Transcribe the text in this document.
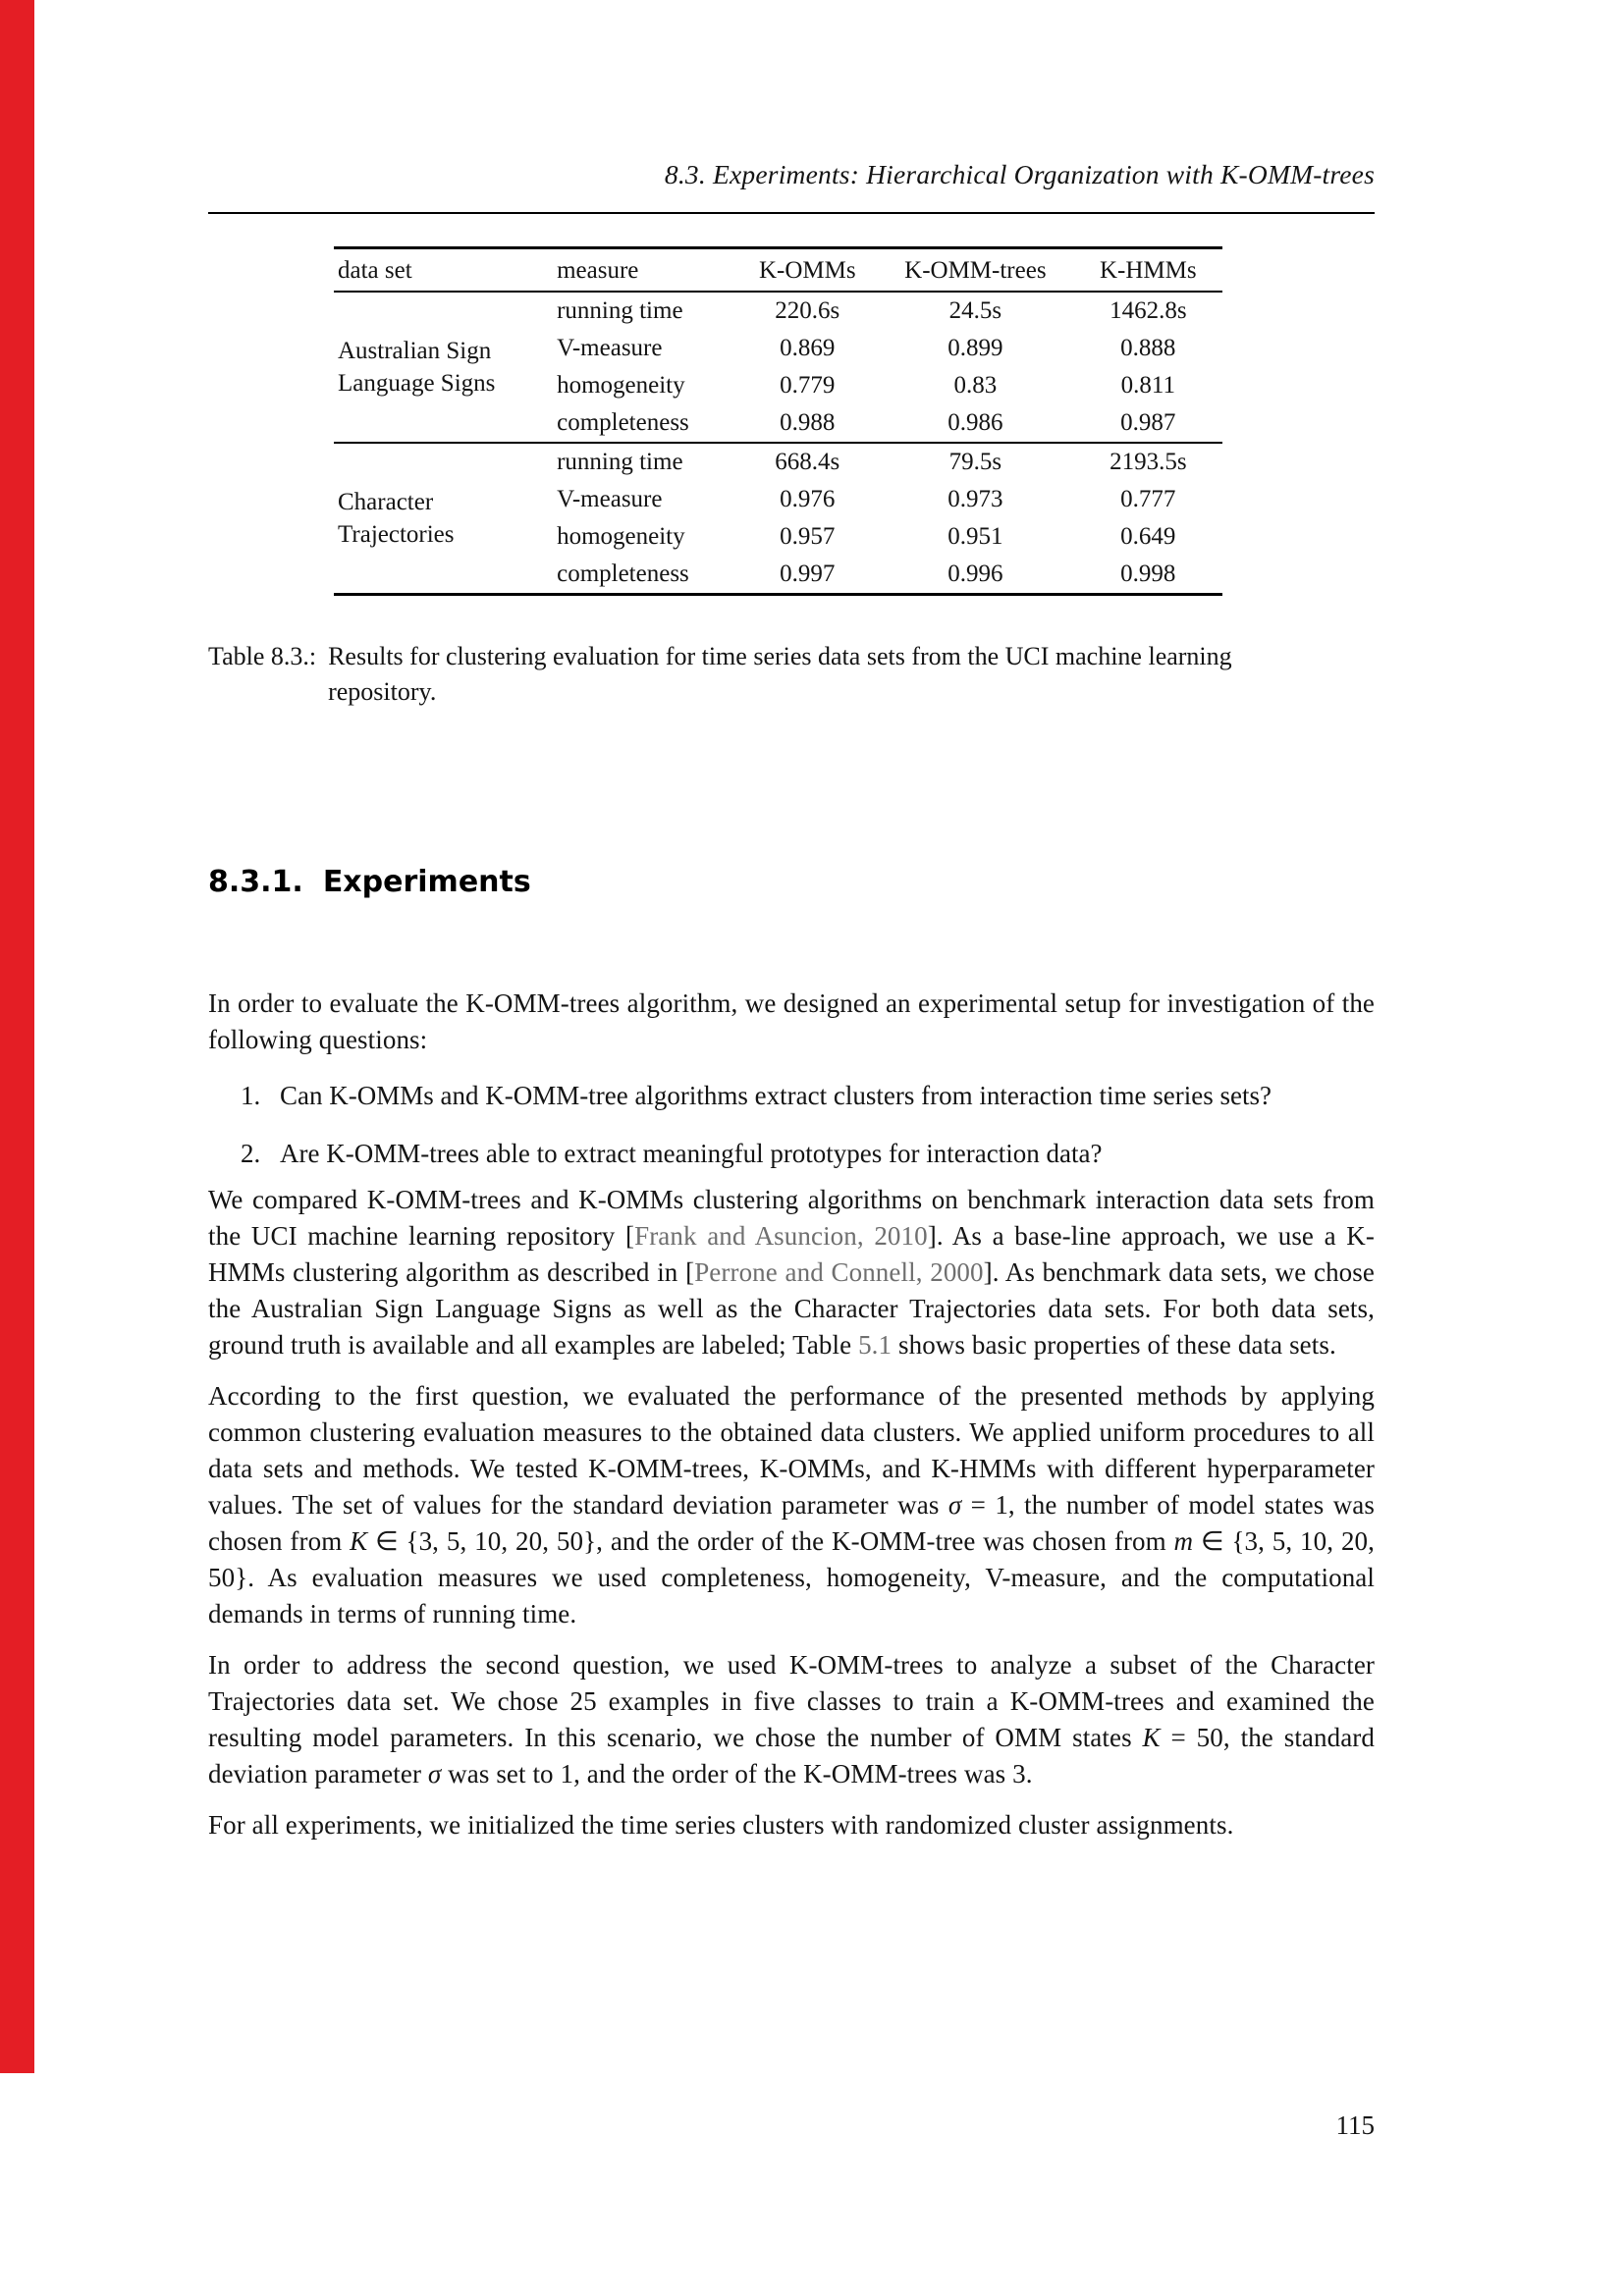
8.3. Experiments: Hierarchical Organization with K-OMM-trees
data set	measure	K-OMMs	K-OMM-trees	K-HMMs
Australian Sign Language Signs	running time	220.6s	24.5s	1462.8s
	V-measure	0.869	0.899	0.888
	homogeneity	0.779	0.83	0.811
	completeness	0.988	0.986	0.987
Character Trajectories	running time	668.4s	79.5s	2193.5s
	V-measure	0.976	0.973	0.777
	homogeneity	0.957	0.951	0.649
	completeness	0.997	0.996	0.998
Table 8.3.: Results for clustering evaluation for time series data sets from the UCI machine learning repository.
8.3.1. Experiments
In order to evaluate the K-OMM-trees algorithm, we designed an experimental setup for investigation of the following questions:
1. Can K-OMMs and K-OMM-tree algorithms extract clusters from interaction time series sets?
2. Are K-OMM-trees able to extract meaningful prototypes for interaction data?
We compared K-OMM-trees and K-OMMs clustering algorithms on benchmark interaction data sets from the UCI machine learning repository [Frank and Asuncion, 2010]. As a base-line approach, we use a K-HMMs clustering algorithm as described in [Perrone and Connell, 2000]. As benchmark data sets, we chose the Australian Sign Language Signs as well as the Character Trajectories data sets. For both data sets, ground truth is available and all examples are labeled; Table 5.1 shows basic properties of these data sets.
According to the first question, we evaluated the performance of the presented methods by applying common clustering evaluation measures to the obtained data clusters. We applied uniform procedures to all data sets and methods. We tested K-OMM-trees, K-OMMs, and K-HMMs with different hyperparameter values. The set of values for the standard deviation parameter was σ = 1, the number of model states was chosen from K ∈ {3, 5, 10, 20, 50}, and the order of the K-OMM-tree was chosen from m ∈ {3, 5, 10, 20, 50}. As evaluation measures we used completeness, homogeneity, V-measure, and the computational demands in terms of running time.
In order to address the second question, we used K-OMM-trees to analyze a subset of the Character Trajectories data set. We chose 25 examples in five classes to train a K-OMM-trees and examined the resulting model parameters. In this scenario, we chose the number of OMM states K = 50, the standard deviation parameter σ was set to 1, and the order of the K-OMM-trees was 3.
For all experiments, we initialized the time series clusters with randomized cluster assignments.
115
